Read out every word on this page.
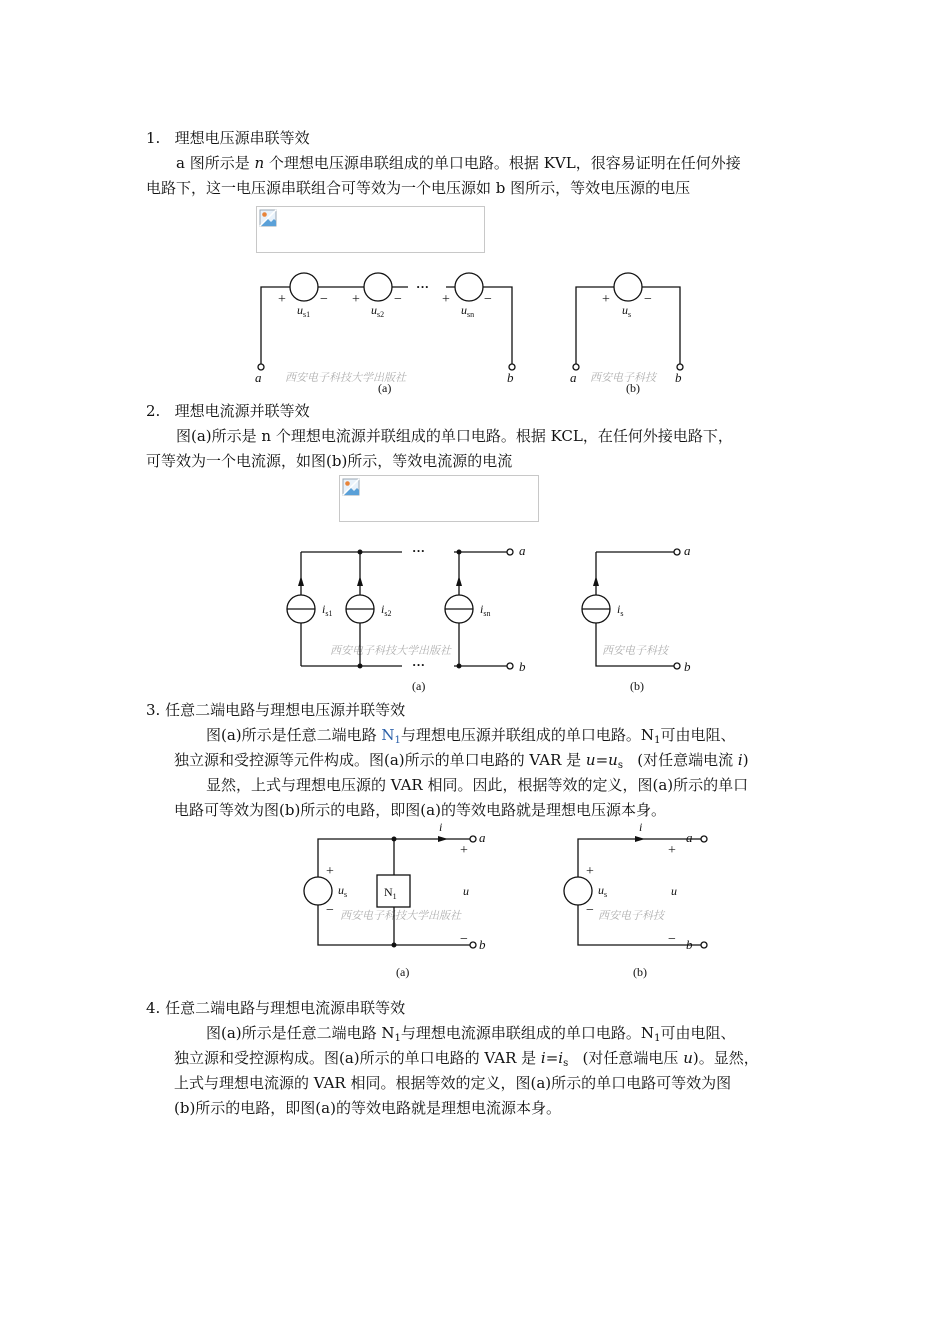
1.   理想电压源串联等效
a 图所示是 n 个理想电压源串联组成的单口电路。根据 KVL，很容易证明在任何外接
电路下，这一电压源串联组合可等效为一个电压源如 b 图所示，等效电压源的电压
+ − + −	+ −	+ −
···
$u_{s1}$	$u_{s2}$	$u_{sn}$	$u_s$
a	b	a	b
西安电子科技大学出版社	西安电子科技
(a)	(b)
2.   理想电流源并联等效
图(a)所示是 n 个理想电流源并联组成的单口电路。根据 KCL，在任何外接电路下，
可等效为一个电流源，如图(b)所示，等效电流源的电流
···
···
$i_{s1}$	$i_{s2}$	$i_{sn}$	$i_s$
a
b
a
b
西安电子科技大学出版社	西安电子科技
(a)	(b)
3. 任意二端电路与理想电压源并联等效
图(a)所示是任意二端电路 $N_1$与理想电压源并联组成的单口电路。$N_1$可由电阻、
独立源和受控源等元件构成。图(a)所示的单口电路的 VAR 是 $u=u_s$   (对任意端电流 i)
显然，上式与理想电压源的 VAR 相同。因此，根据等效的定义，图(a)所示的单口
电路可等效为图(b)所示的电路，即图(a)的等效电路就是理想电压源本身。
+
−
+
−
+
−
+
−
$N_1$
$u_s$	$u_s$
i	i
u	u
a
b
a
b
西安电子科技大学出版社	西安电子科技
(a)	(b)
4. 任意二端电路与理想电流源串联等效
图(a)所示是任意二端电路 $N_1$与理想电流源串联组成的单口电路。$N_1$可由电阻、
独立源和受控源构成。图(a)所示的单口电路的 VAR 是 $i=i_s$   (对任意端电压 u)。显然，
上式与理想电流源的 VAR 相同。根据等效的定义，图(a)所示的单口电路可等效为图
(b)所示的电路，即图(a)的等效电路就是理想电流源本身。
